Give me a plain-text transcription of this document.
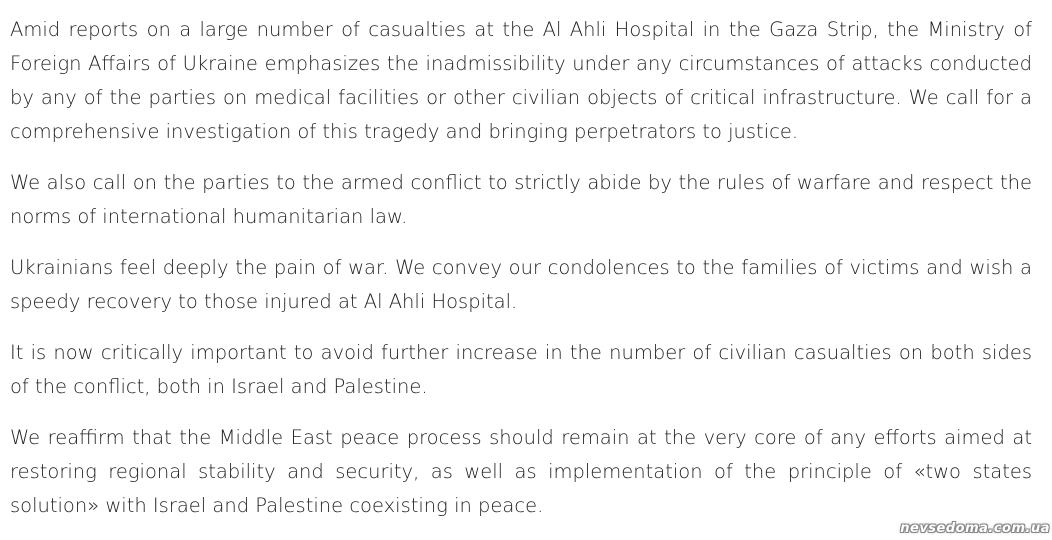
Amid reports on a large number of casualties at the Al Ahli Hospital in the Gaza Strip, the Ministry of Foreign Affairs of Ukraine emphasizes the inadmissibility under any circumstances of attacks conducted by any of the parties on medical facilities or other civilian objects of critical infrastructure. We call for a comprehensive investigation of this tragedy and bringing perpetrators to justice.

We also call on the parties to the armed conflict to strictly abide by the rules of warfare and respect the norms of international humanitarian law.

Ukrainians feel deeply the pain of war. We convey our condolences to the families of victims and wish a speedy recovery to those injured at Al Ahli Hospital.

It is now critically important to avoid further increase in the number of civilian casualties on both sides of the conflict, both in Israel and Palestine.

We reaffirm that the Middle East peace process should remain at the very core of any efforts aimed at restoring regional stability and security, as well as implementation of the principle of «two states solution» with Israel and Palestine coexisting in peace.

nevsedoma.com.ua
